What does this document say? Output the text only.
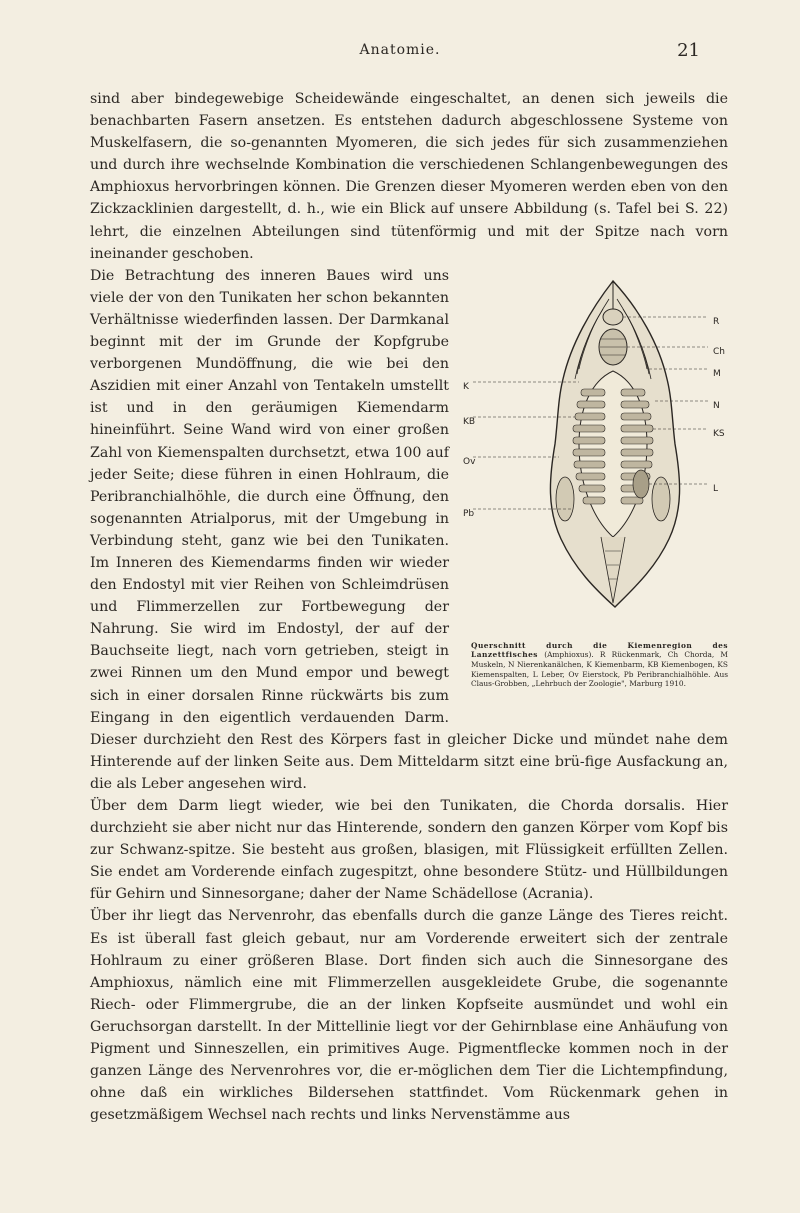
Anatomie.	21

sind aber bindegewebige Scheidewände eingeschaltet, an denen sich jeweils die benachbarten Fasern ansetzen. Es entstehen dadurch abgeschlossene Systeme von Muskelfasern, die so-genannten Myomeren, die sich jedes für sich zusammenziehen und durch ihre wechselnde Kombination die verschiedenen Schlangenbewegungen des Amphioxus hervorbringen können. Die Grenzen dieser Myomeren werden eben von den Zickzacklinien dargestellt, d. h., wie ein Blick auf unsere Abbildung (s. Tafel bei S. 22) lehrt, die einzelnen Abteilungen sind tütenförmig und mit der Spitze nach vorn ineinander geschoben.

R
Ch
M
K
N
KB
KS
Ov
L
Pb
Querschnitt durch die Kiemenregion des Lanzettfisches (Amphioxus). R Rückenmark, Ch Chorda, M Muskeln, N Nierenkanälchen, K Kiemenbarm, KB Kiemenbogen, KS Kiemenspalten, L Leber, Ov Eierstock, Pb Peribranchialhöhle. Aus Claus-Grobben, „Lehrbuch der Zoologie", Marburg 1910.

Die Betrachtung des inneren Baues wird uns viele der von den Tunikaten her schon bekannten Verhältnisse wiederfinden lassen. Der Darmkanal beginnt mit der im Grunde der Kopfgrube verborgenen Mundöffnung, die wie bei den Aszidien mit einer Anzahl von Tentakeln umstellt ist und in den geräumigen Kiemendarm hineinführt. Seine Wand wird von einer großen Zahl von Kiemenspalten durchsetzt, etwa 100 auf jeder Seite; diese führen in einen Hohlraum, die Peribranchialhöhle, die durch eine Öffnung, den sogenannten Atrialporus, mit der Umgebung in Verbindung steht, ganz wie bei den Tunikaten. Im Inneren des Kiemendarms finden wir wieder den Endostyl mit vier Reihen von Schleimdrüsen und Flimmerzellen zur Fortbewegung der Nahrung. Sie wird im Endostyl, der auf der Bauchseite liegt, nach vorn getrieben, steigt in zwei Rinnen um den Mund empor und bewegt sich in einer dorsalen Rinne rückwärts bis zum Eingang in den eigentlich verdauenden Darm. Dieser durchzieht den Rest des Körpers fast in gleicher Dicke und mündet nahe dem Hinterende auf der linken Seite aus. Dem Mitteldarm sitzt eine brü-fige Ausfackung an, die als Leber angesehen wird.

Über dem Darm liegt wieder, wie bei den Tunikaten, die Chorda dorsalis. Hier durchzieht sie aber nicht nur das Hinterende, sondern den ganzen Körper vom Kopf bis zur Schwanz-spitze. Sie besteht aus großen, blasigen, mit Flüssigkeit erfüllten Zellen. Sie endet am Vorderende einfach zugespitzt, ohne besondere Stütz- und Hüllbildungen für Gehirn und Sinnesorgane; daher der Name Schädellose (Acrania).

Über ihr liegt das Nervenrohr, das ebenfalls durch die ganze Länge des Tieres reicht. Es ist überall fast gleich gebaut, nur am Vorderende erweitert sich der zentrale Hohlraum zu einer größeren Blase. Dort finden sich auch die Sinnesorgane des Amphioxus, nämlich eine mit Flimmerzellen ausgekleidete Grube, die sogenannte Riech- oder Flimmergrube, die an der linken Kopfseite ausmündet und wohl ein Geruchsorgan darstellt. In der Mittellinie liegt vor der Gehirnblase eine Anhäufung von Pigment und Sinneszellen, ein primitives Auge. Pigmentflecke kommen noch in der ganzen Länge des Nervenrohres vor, die er-möglichen dem Tier die Lichtempfindung, ohne daß ein wirkliches Bildersehen stattfindet. Vom Rückenmark gehen in gesetzmäßigem Wechsel nach rechts und links Nervenstämme aus
